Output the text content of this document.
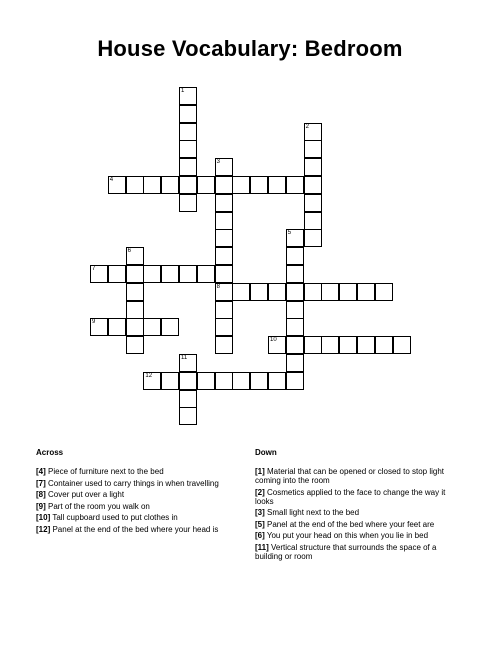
House Vocabulary: Bedroom
1
2
3
8
4
5
6
7
9
10
11
12
Across
[4] Piece of furniture next to the bed
[7] Container used to carry things in when travelling
[8] Cover put over a light
[9] Part of the room you walk on
[10] Tall cupboard used to put clothes in
[12] Panel at the end of the bed where your head is
Down
[1] Material that can be opened or closed to stop light coming into the room
[2] Cosmetics applied to the face to change the way it looks
[3] Small light next to the bed
[5] Panel at the end of the bed where your feet are
[6] You put your head on this when you lie in bed
[11] Vertical structure that surrounds the space of a building or room
